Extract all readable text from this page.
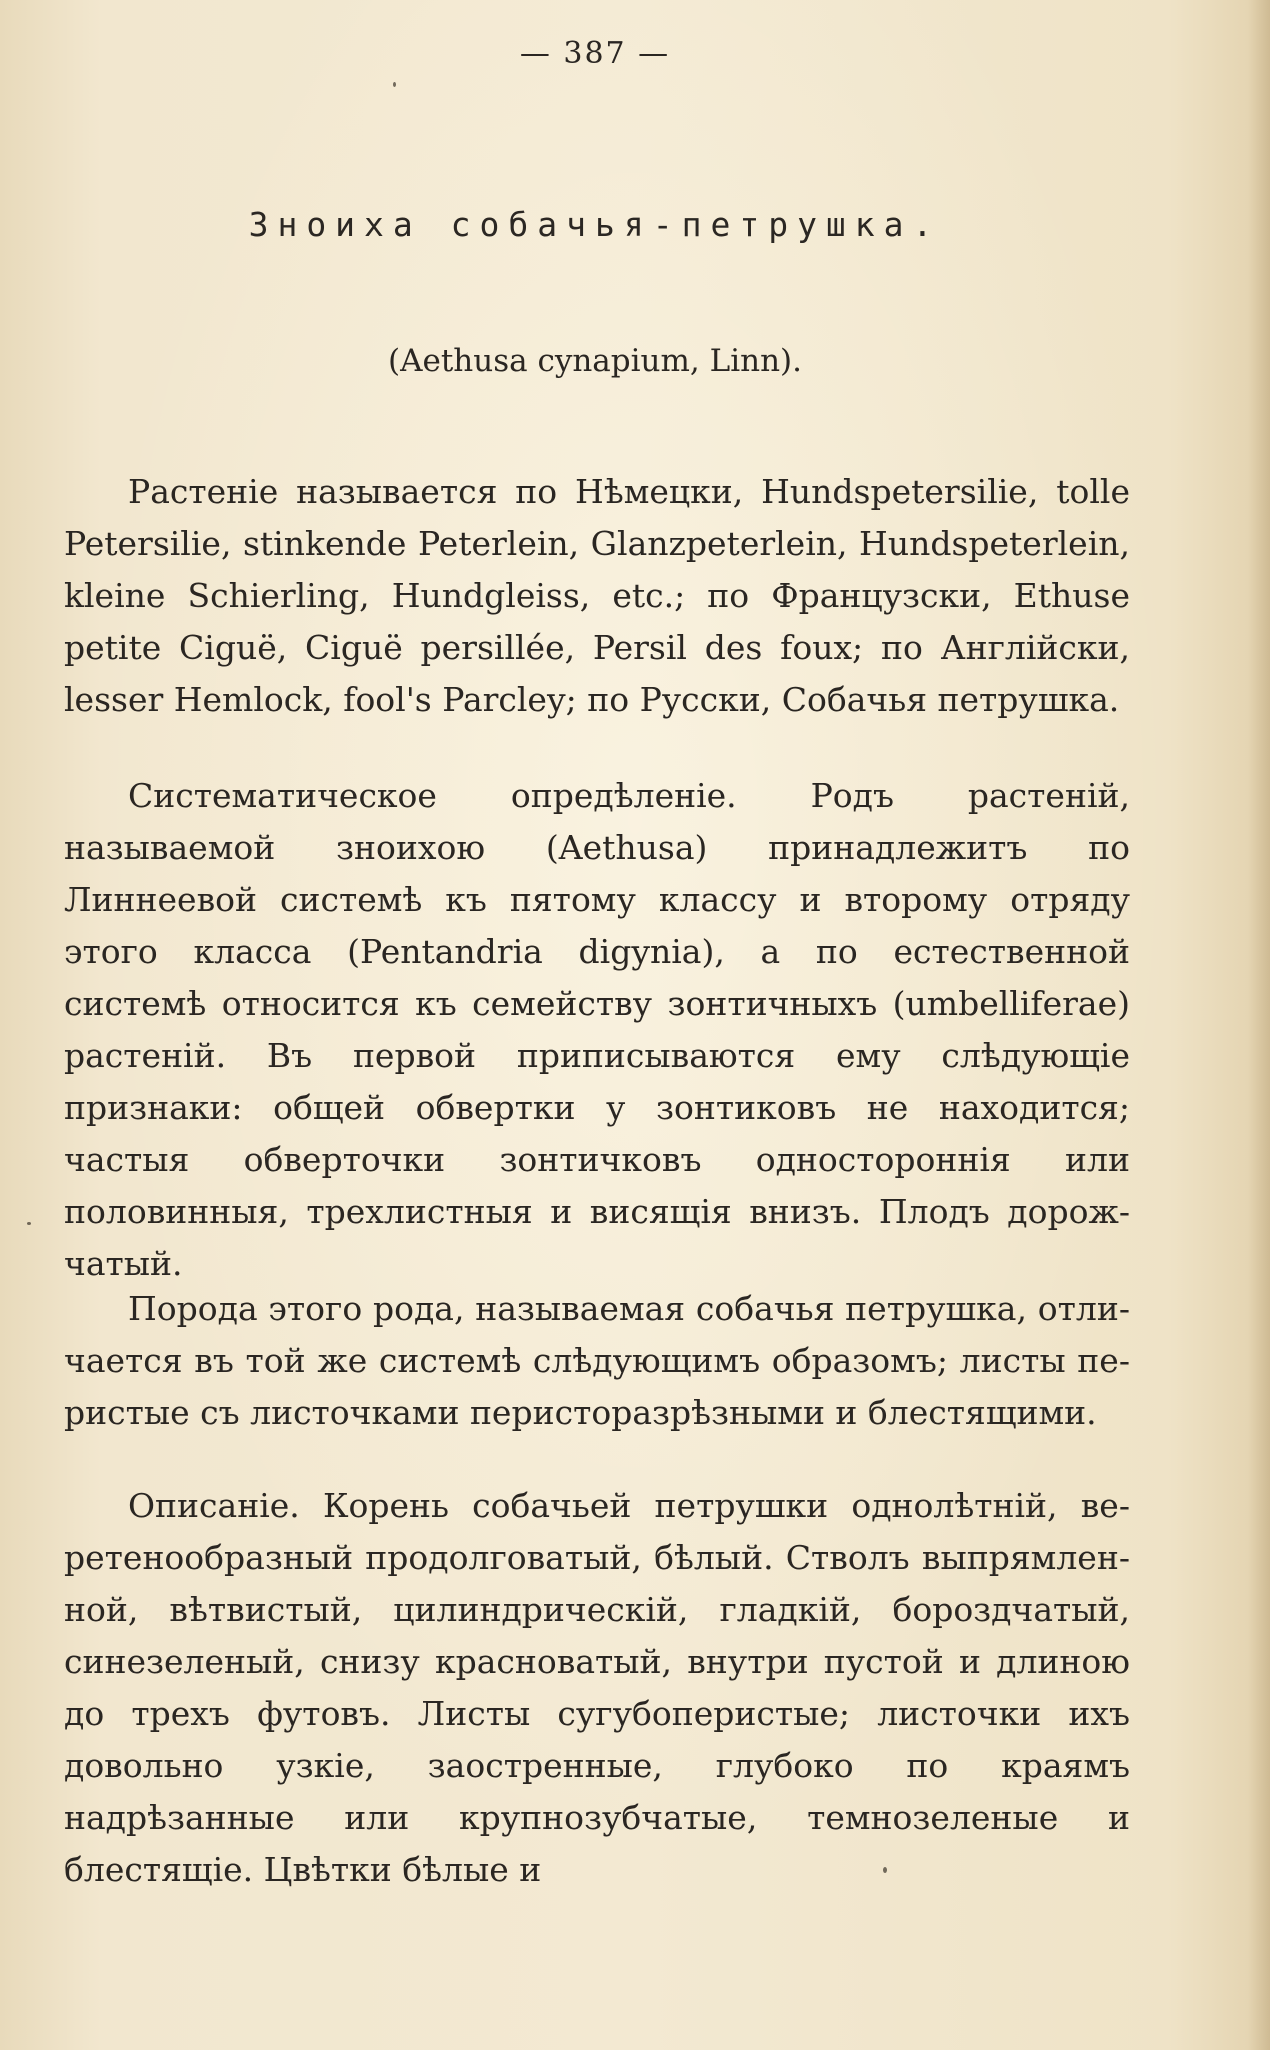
— 387 —
Зноиха собачья-петрушка.
(Aethusa cynapium, Linn).

Растеніе называется по Нѣмецки, Hundspetersilie, tolle Petersilie, stinkende Peterlein, Glanzpeterlein, Hundspeterlein, kleine Schierling, Hundgleiss, etc.; по Французски, Ethuse petite Ciguë, Ciguë persillée, Persil des foux; по Англійски, lesser Hemlock, fool's Parcley; по Русски, Собачья петрушка.

Систематическое опредѣленіе. Родъ растеній, называемой зноихою (Aethusa) принадлежитъ по Линнеевой системѣ къ пятому классу и второму отряду этого класса (Pentandria digynia), а по естественной системѣ относится къ семейству зонтичныхъ (umbelliferae) растеній. Въ первой приписываются ему слѣдующіе признаки: общей обвертки у зонтиковъ не находится; частыя обверточки зонтичковъ одностороннія или половинныя, трехлистныя и висящія внизъ. Плодъ дорожчатый.

Порода этого рода, называемая собачья петрушка, отличается въ той же системѣ слѣдующимъ образомъ; листы перистые съ листочками перисторазрѣзными и блестящими.

Описаніе. Корень собачьей петрушки однолѣтній, веретенообразный продолговатый, бѣлый. Стволъ выпрямленной, вѣтвистый, цилиндрическій, гладкій, бороздчатый, синезеленый, снизу красноватый, внутри пустой и длиною до трехъ футовъ. Листы сугубоперистые; листочки ихъ довольно узкіе, заостренные, глубоко по краямъ надрѣзанные или крупнозубчатые, темнозеленые и блестящіе. Цвѣтки бѣлые и
